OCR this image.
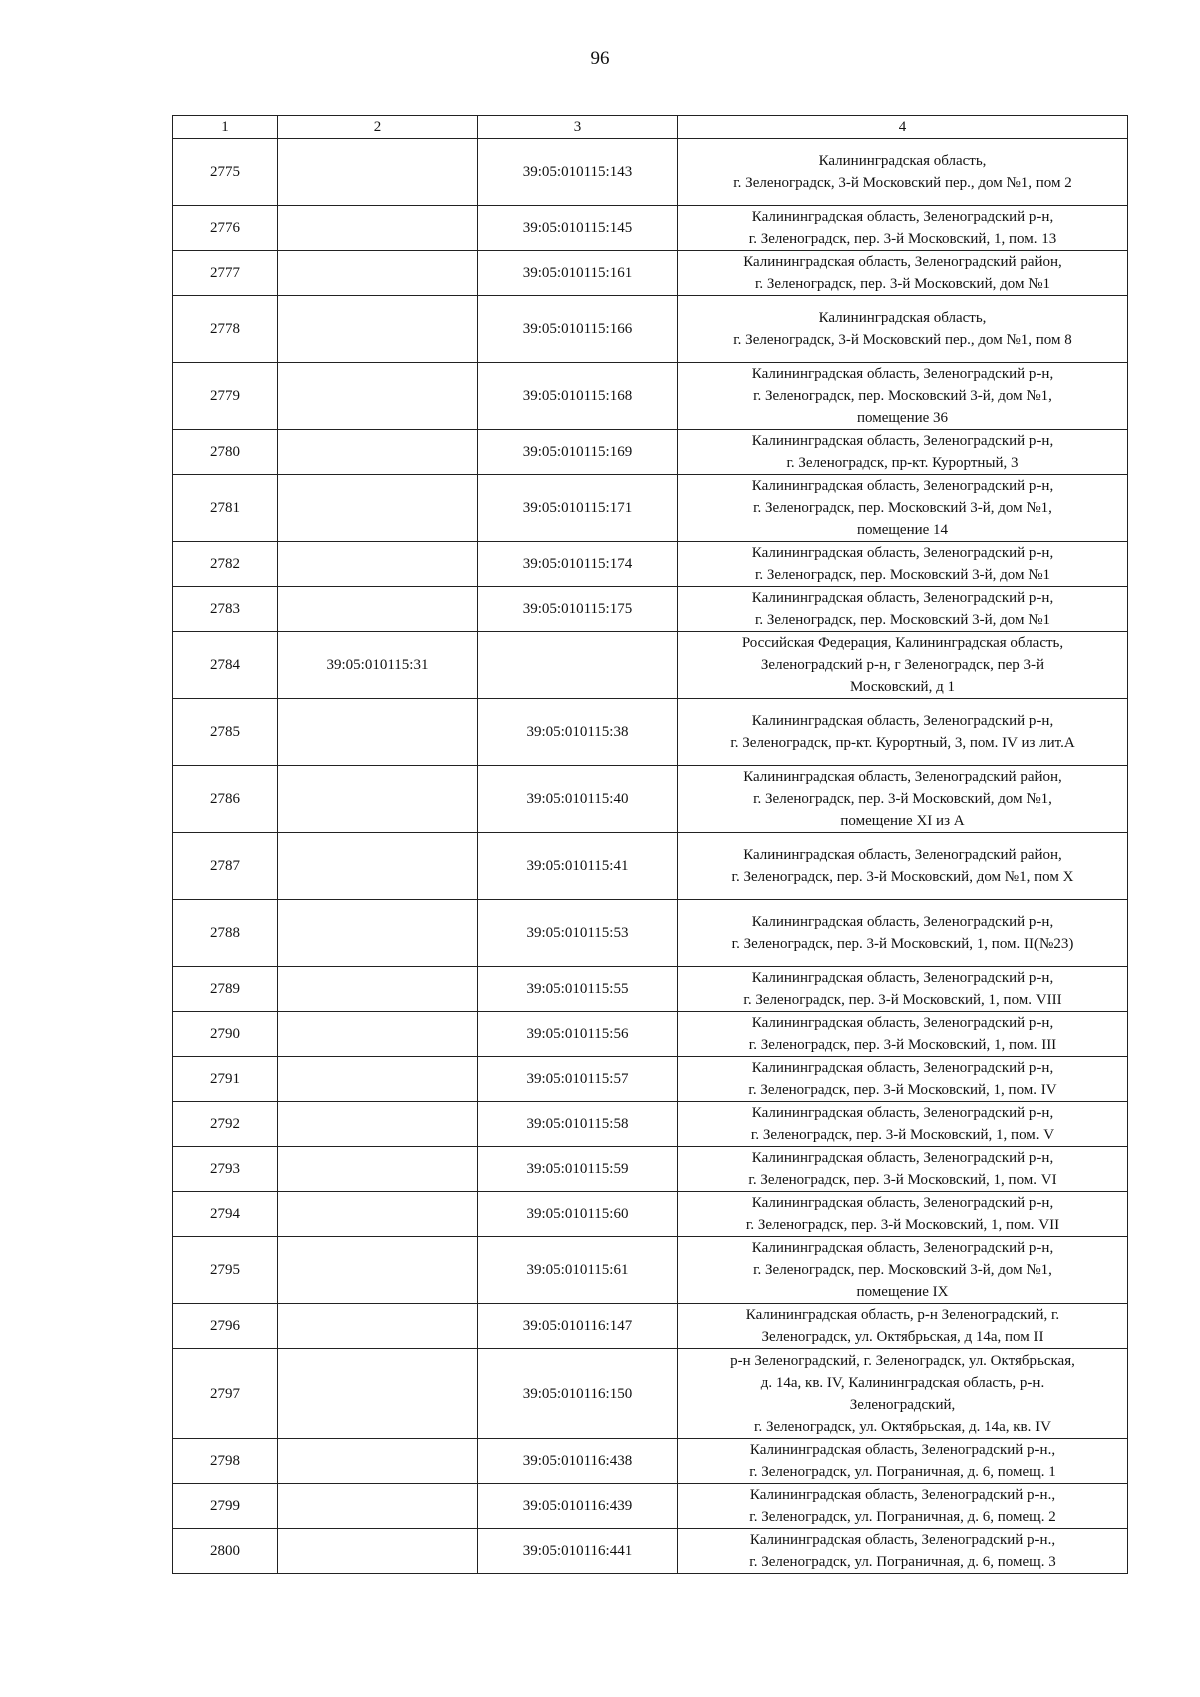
96
1	2	3	4
2775		39:05:010115:143	Калининградская область,
г. Зеленоградск, 3-й Московский пер., дом №1, пом 2
2776		39:05:010115:145	Калининградская область, Зеленоградский р-н,
г. Зеленоградск, пер. 3-й Московский, 1, пом. 13
2777		39:05:010115:161	Калининградская область, Зеленоградский район,
г. Зеленоградск, пер. 3-й Московский, дом №1
2778		39:05:010115:166	Калининградская область,
г. Зеленоградск, 3-й Московский пер., дом №1, пом 8
2779		39:05:010115:168	Калининградская область, Зеленоградский р-н,
г. Зеленоградск, пер. Московский 3-й, дом №1,
помещение 36
2780		39:05:010115:169	Калининградская область, Зеленоградский р-н,
г. Зеленоградск, пр-кт. Курортный, 3
2781		39:05:010115:171	Калининградская область, Зеленоградский р-н,
г. Зеленоградск, пер. Московский 3-й, дом №1,
помещение 14
2782		39:05:010115:174	Калининградская область, Зеленоградский р-н,
г. Зеленоградск, пер. Московский 3-й, дом №1
2783		39:05:010115:175	Калининградская область, Зеленоградский р-н,
г. Зеленоградск, пер. Московский 3-й, дом №1
2784	39:05:010115:31		Российская Федерация, Калининградская область,
Зеленоградский р-н, г Зеленоградск, пер 3-й
Московский, д 1
2785		39:05:010115:38	Калининградская область, Зеленоградский р-н,
г. Зеленоградск, пр-кт. Курортный, 3, пом. IV из лит.А
2786		39:05:010115:40	Калининградская область, Зеленоградский район,
г. Зеленоградск, пер. 3-й Московский, дом №1,
помещение XI из А
2787		39:05:010115:41	Калининградская область, Зеленоградский район,
г. Зеленоградск, пер. 3-й Московский, дом №1, пом X
2788		39:05:010115:53	Калининградская область, Зеленоградский р-н,
г. Зеленоградск, пер. 3-й Московский, 1, пом. II(№23)
2789		39:05:010115:55	Калининградская область, Зеленоградский р-н,
г. Зеленоградск, пер. 3-й Московский, 1, пом. VIII
2790		39:05:010115:56	Калининградская область, Зеленоградский р-н,
г. Зеленоградск, пер. 3-й Московский, 1, пом. III
2791		39:05:010115:57	Калининградская область, Зеленоградский р-н,
г. Зеленоградск, пер. 3-й Московский, 1, пом. IV
2792		39:05:010115:58	Калининградская область, Зеленоградский р-н,
г. Зеленоградск, пер. 3-й Московский, 1, пом. V
2793		39:05:010115:59	Калининградская область, Зеленоградский р-н,
г. Зеленоградск, пер. 3-й Московский, 1, пом. VI
2794		39:05:010115:60	Калининградская область, Зеленоградский р-н,
г. Зеленоградск, пер. 3-й Московский, 1, пом. VII
2795		39:05:010115:61	Калининградская область, Зеленоградский р-н,
г. Зеленоградск, пер. Московский 3-й, дом №1,
помещение IX
2796		39:05:010116:147	Калининградская область, р-н Зеленоградский, г.
Зеленоградск, ул. Октябрьская, д 14а, пом II
2797		39:05:010116:150	р-н Зеленоградский, г. Зеленоградск, ул. Октябрьская,
д. 14а, кв. IV, Калининградская область, р-н.
Зеленоградский,
г. Зеленоградск, ул. Октябрьская, д. 14а, кв. IV
2798		39:05:010116:438	Калининградская область, Зеленоградский р-н.,
г. Зеленоградск, ул. Пограничная, д. 6, помещ. 1
2799		39:05:010116:439	Калининградская область, Зеленоградский р-н.,
г. Зеленоградск, ул. Пограничная, д. 6, помещ. 2
2800		39:05:010116:441	Калининградская область, Зеленоградский р-н.,
г. Зеленоградск, ул. Пограничная, д. 6, помещ. 3
